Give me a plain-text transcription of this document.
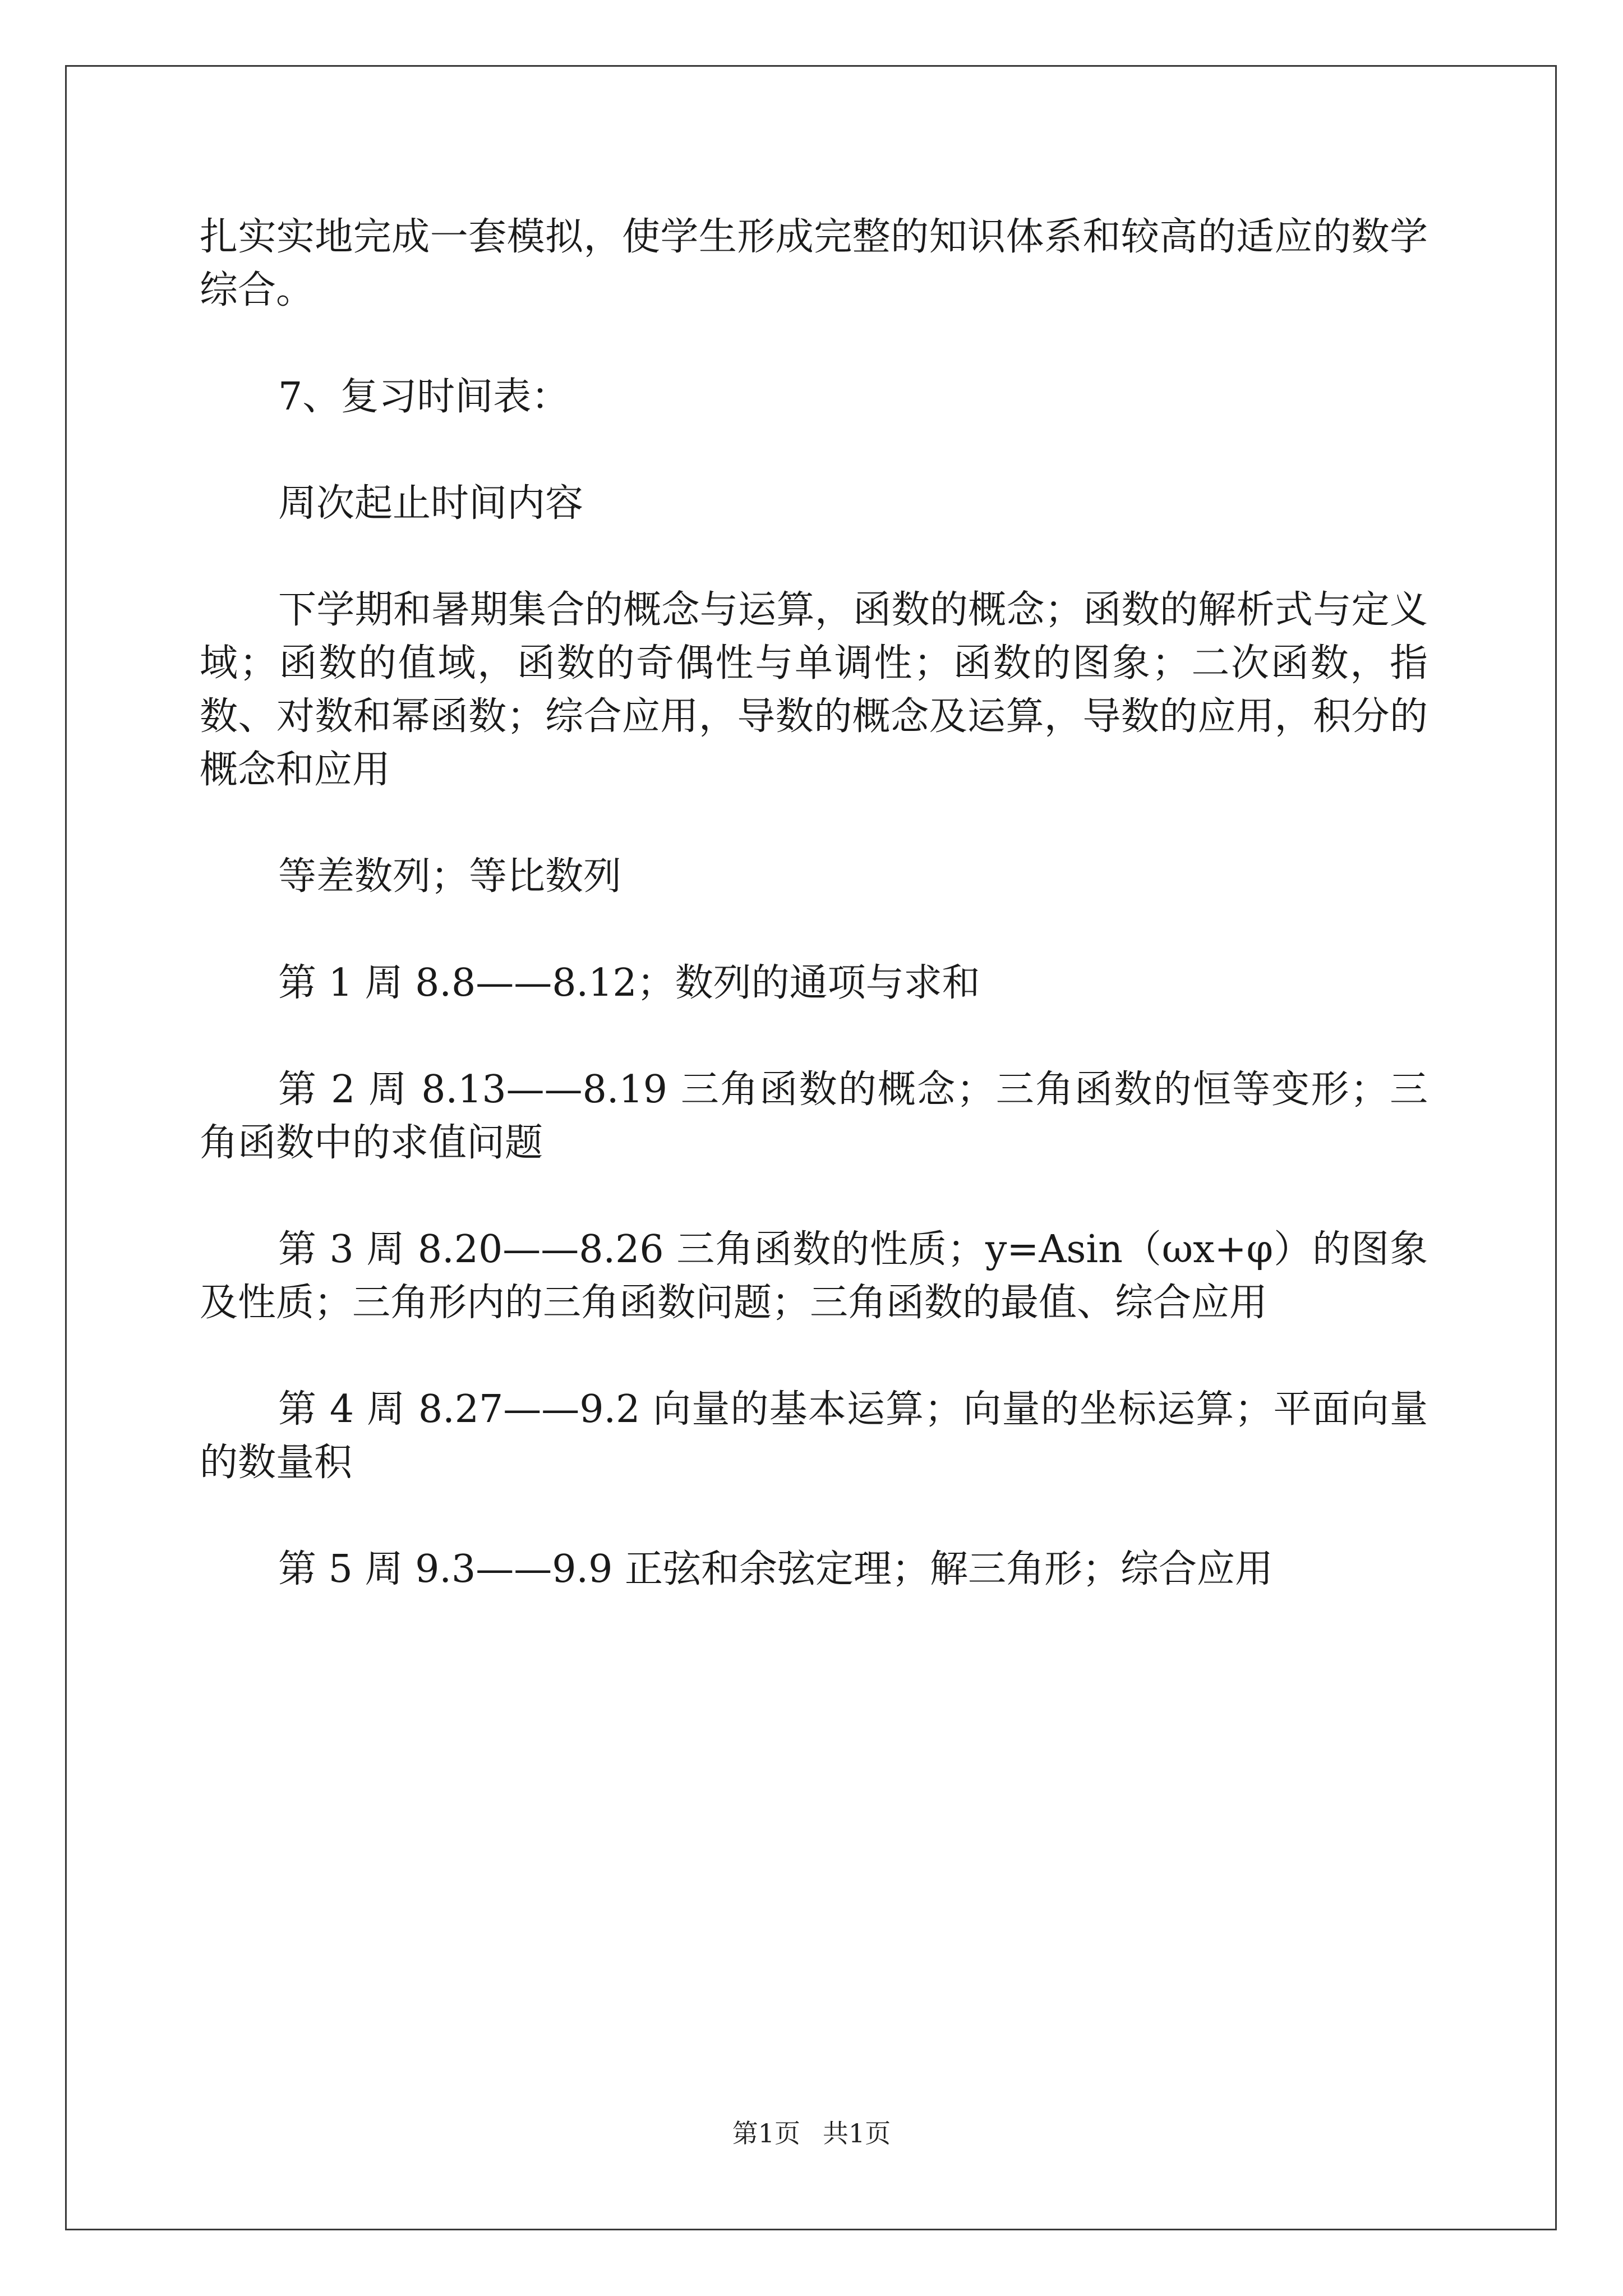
扎实实地完成一套模拟，使学生形成完整的知识体系和较高的适应的数学综合。

7、复习时间表：

周次起止时间内容

下学期和暑期集合的概念与运算，函数的概念；函数的解析式与定义域；函数的值域，函数的奇偶性与单调性；函数的图象；二次函数，指数、对数和幂函数；综合应用，导数的概念及运算，导数的应用，积分的概念和应用

等差数列；等比数列

第 1 周 8.8——8.12；数列的通项与求和

第 2 周 8.13——8.19 三角函数的概念；三角函数的恒等变形；三角函数中的求值问题

第 3 周 8.20——8.26 三角函数的性质；y=Asin（ωx+φ）的图象及性质；三角形内的三角函数问题；三角函数的最值、综合应用

第 4 周 8.27——9.2 向量的基本运算；向量的坐标运算；平面向量的数量积

第 5 周 9.3——9.9 正弦和余弦定理；解三角形；综合应用

第1页 共1页
